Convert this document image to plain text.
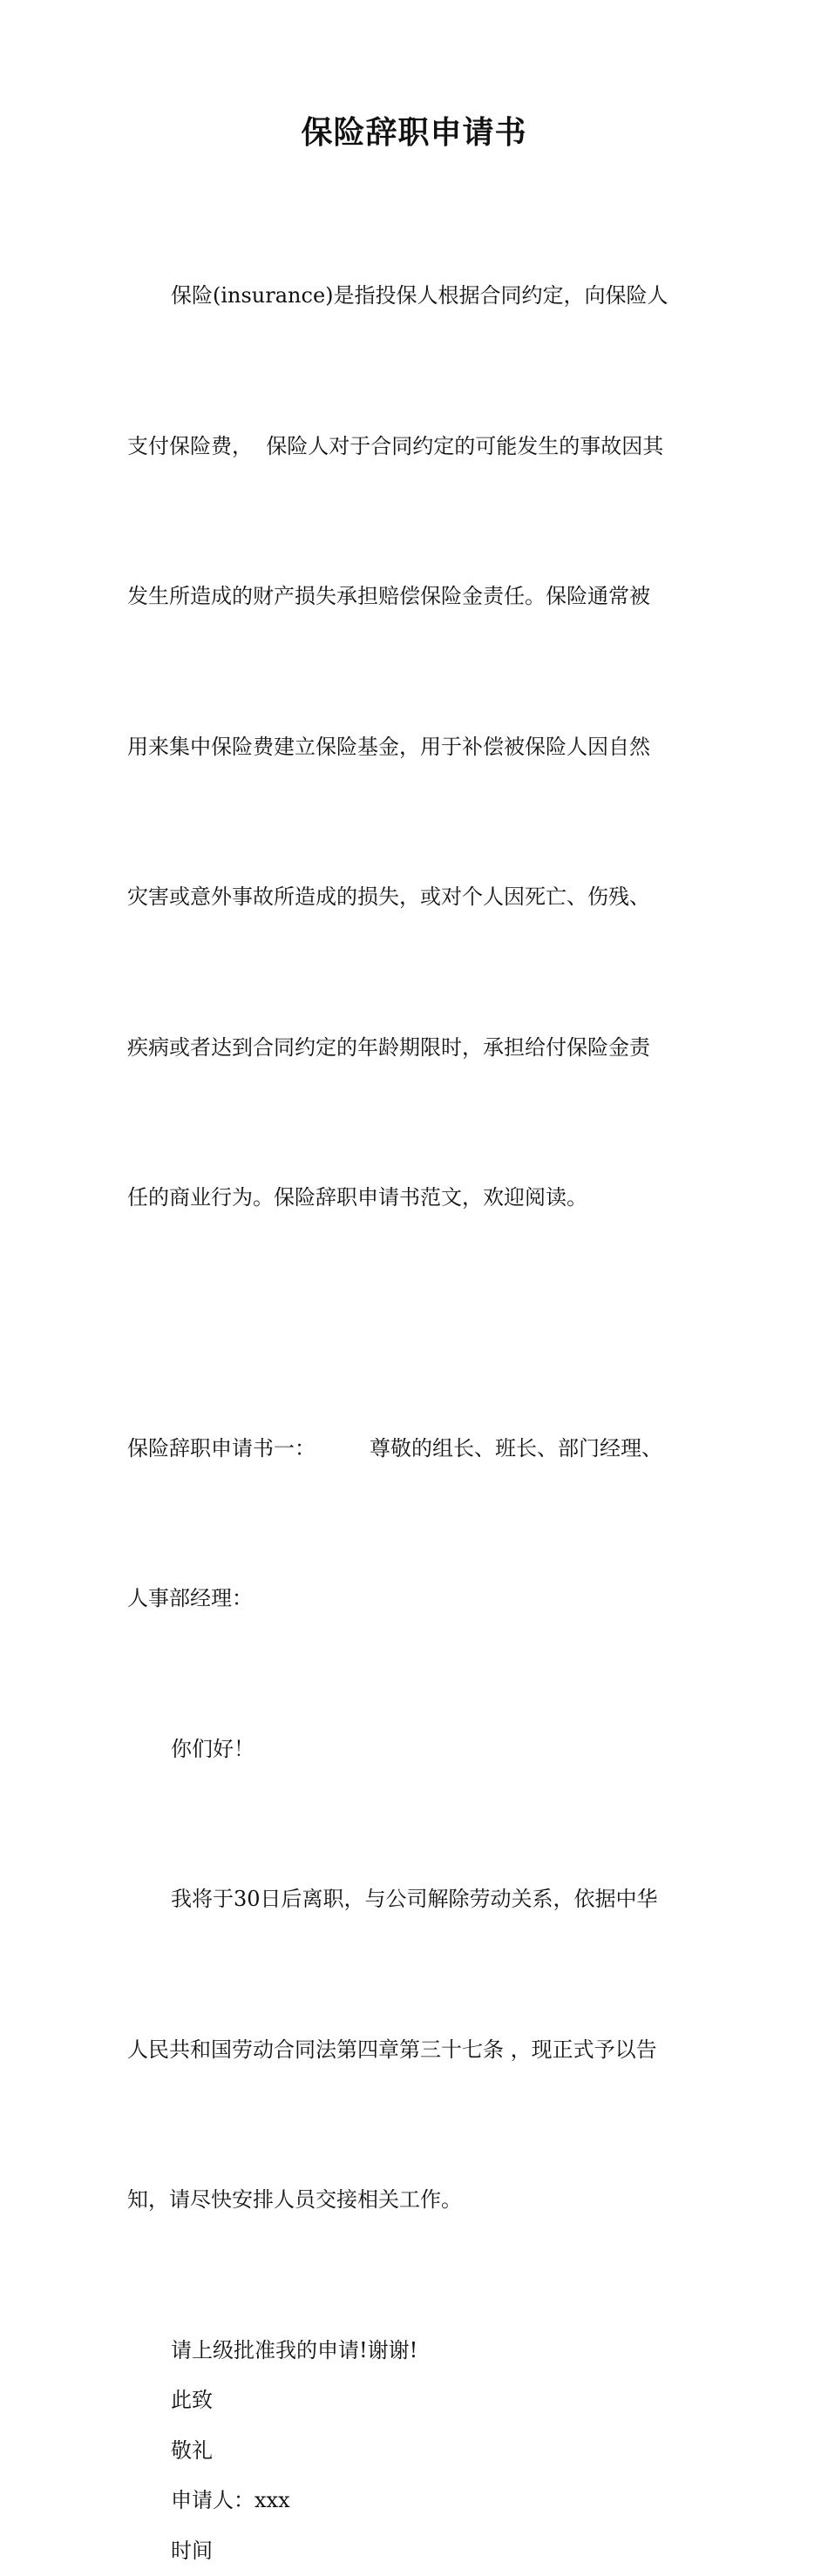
保险辞职申请书

保险(insurance)是指投保人根据合同约定，向保险人

支付保险费，  保险人对于合同约定的可能发生的事故因其

发生所造成的财产损失承担赔偿保险金责任。保险通常被

用来集中保险费建立保险基金，用于补偿被保险人因自然

灾害或意外事故所造成的损失，或对个人因死亡、伤残、

疾病或者达到合同约定的年龄期限时，承担给付保险金责

任的商业行为。保险辞职申请书范文，欢迎阅读。

保险辞职申请书一：	尊敬的组长、班长、部门经理、

人事部经理：

你们好！

我将于30日后离职，与公司解除劳动关系，依据中华

人民共和国劳动合同法第四章第三十七条 ，现正式予以告

知，请尽快安排人员交接相关工作。

请上级批准我的申请!谢谢!
此致
敬礼
申请人：xxx
时间
